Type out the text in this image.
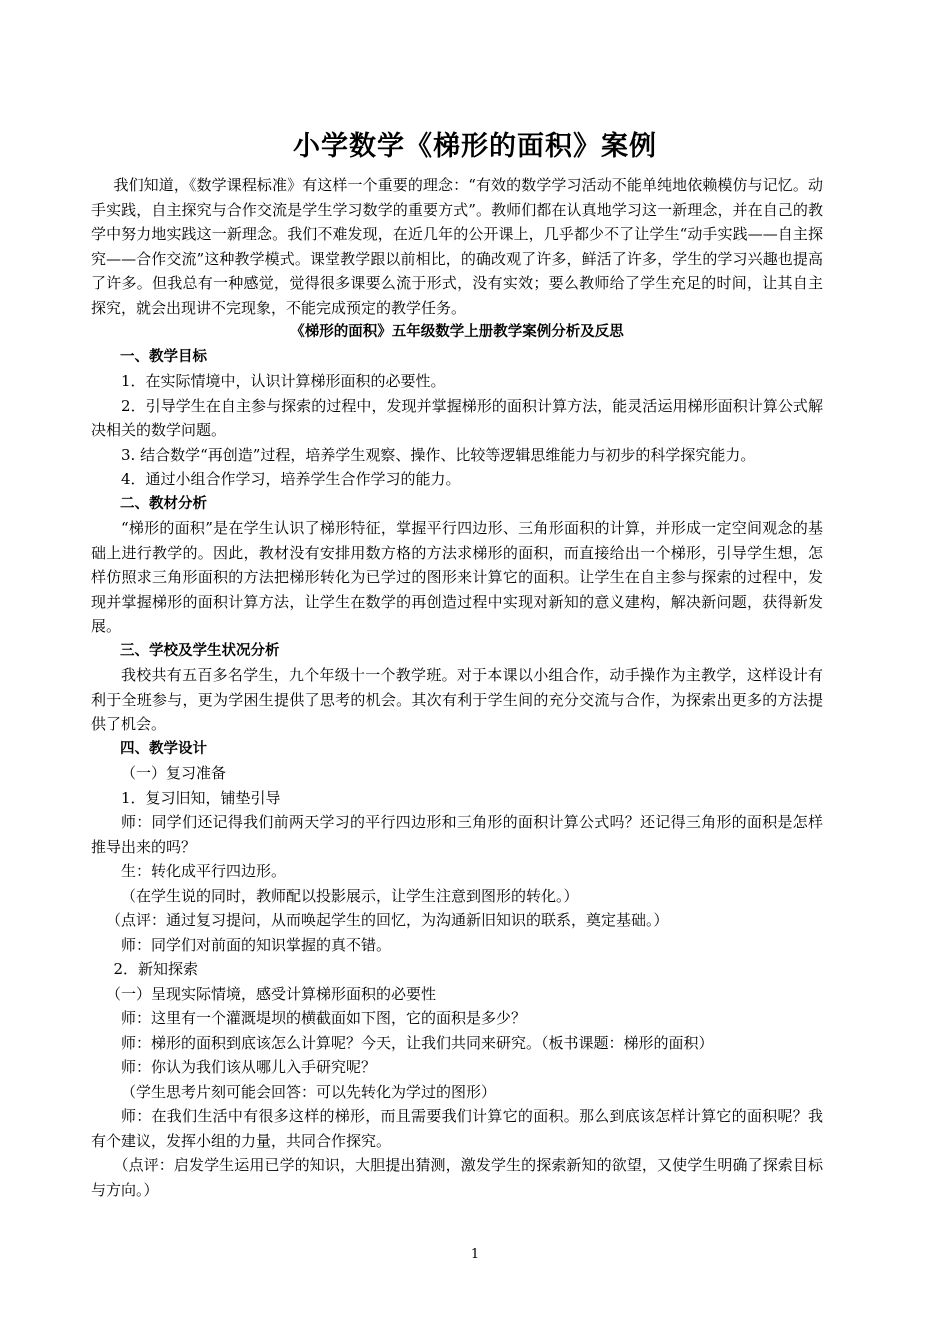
小学数学《梯形的面积》案例

我们知道，《数学课程标准》有这样一个重要的理念：“有效的数学学习活动不能单纯地依赖模仿与记忆。动手实践，自主探究与合作交流是学生学习数学的重要方式”。教师们都在认真地学习这一新理念，并在自己的教学中努力地实践这一新理念。我们不难发现，在近几年的公开课上，几乎都少不了让学生“动手实践——自主探究——合作交流”这种教学模式。课堂教学跟以前相比，的确改观了许多，鲜活了许多，学生的学习兴趣也提高了许多。但我总有一种感觉，觉得很多课要么流于形式，没有实效；要么教师给了学生充足的时间，让其自主探究，就会出现讲不完现象，不能完成预定的教学任务。

《梯形的面积》五年级数学上册教学案例分析及反思

一、教学目标

1．在实际情境中，认识计算梯形面积的必要性。

2．引导学生在自主参与探索的过程中，发现并掌握梯形的面积计算方法，能灵活运用梯形面积计算公式解决相关的数学问题。

3. 结合数学“再创造”过程，培养学生观察、操作、比较等逻辑思维能力与初步的科学探究能力。

4．通过小组合作学习，培养学生合作学习的能力。

二、教材分析

“梯形的面积”是在学生认识了梯形特征，掌握平行四边形、三角形面积的计算，并形成一定空间观念的基础上进行教学的。因此，教材没有安排用数方格的方法求梯形的面积，而直接给出一个梯形，引导学生想，怎样仿照求三角形面积的方法把梯形转化为已学过的图形来计算它的面积。让学生在自主参与探索的过程中，发现并掌握梯形的面积计算方法，让学生在数学的再创造过程中实现对新知的意义建构，解决新问题，获得新发展。

三、学校及学生状况分析

我校共有五百多名学生，九个年级十一个教学班。对于本课以小组合作，动手操作为主教学，这样设计有利于全班参与，更为学困生提供了思考的机会。其次有利于学生间的充分交流与合作，为探索出更多的方法提供了机会。

四、教学设计

（一）复习准备

1．复习旧知，铺垫引导

师：同学们还记得我们前两天学习的平行四边形和三角形的面积计算公式吗？还记得三角形的面积是怎样推导出来的吗？

生：转化成平行四边形。

（在学生说的同时，教师配以投影展示，让学生注意到图形的转化。）

（点评：通过复习提问，从而唤起学生的回忆，为沟通新旧知识的联系，奠定基础。）

师：同学们对前面的知识掌握的真不错。

2．新知探索

（一）呈现实际情境，感受计算梯形面积的必要性

师：这里有一个灌溉堤坝的横截面如下图，它的面积是多少？

师：梯形的面积到底该怎么计算呢？今天，让我们共同来研究。（板书课题：梯形的面积）

师：你认为我们该从哪儿入手研究呢？

（学生思考片刻可能会回答：可以先转化为学过的图形）

师：在我们生活中有很多这样的梯形，而且需要我们计算它的面积。那么到底该怎样计算它的面积呢？我有个建议，发挥小组的力量，共同合作探究。

（点评：启发学生运用已学的知识，大胆提出猜测，激发学生的探索新知的欲望，又使学生明确了探索目标与方向。）

1
